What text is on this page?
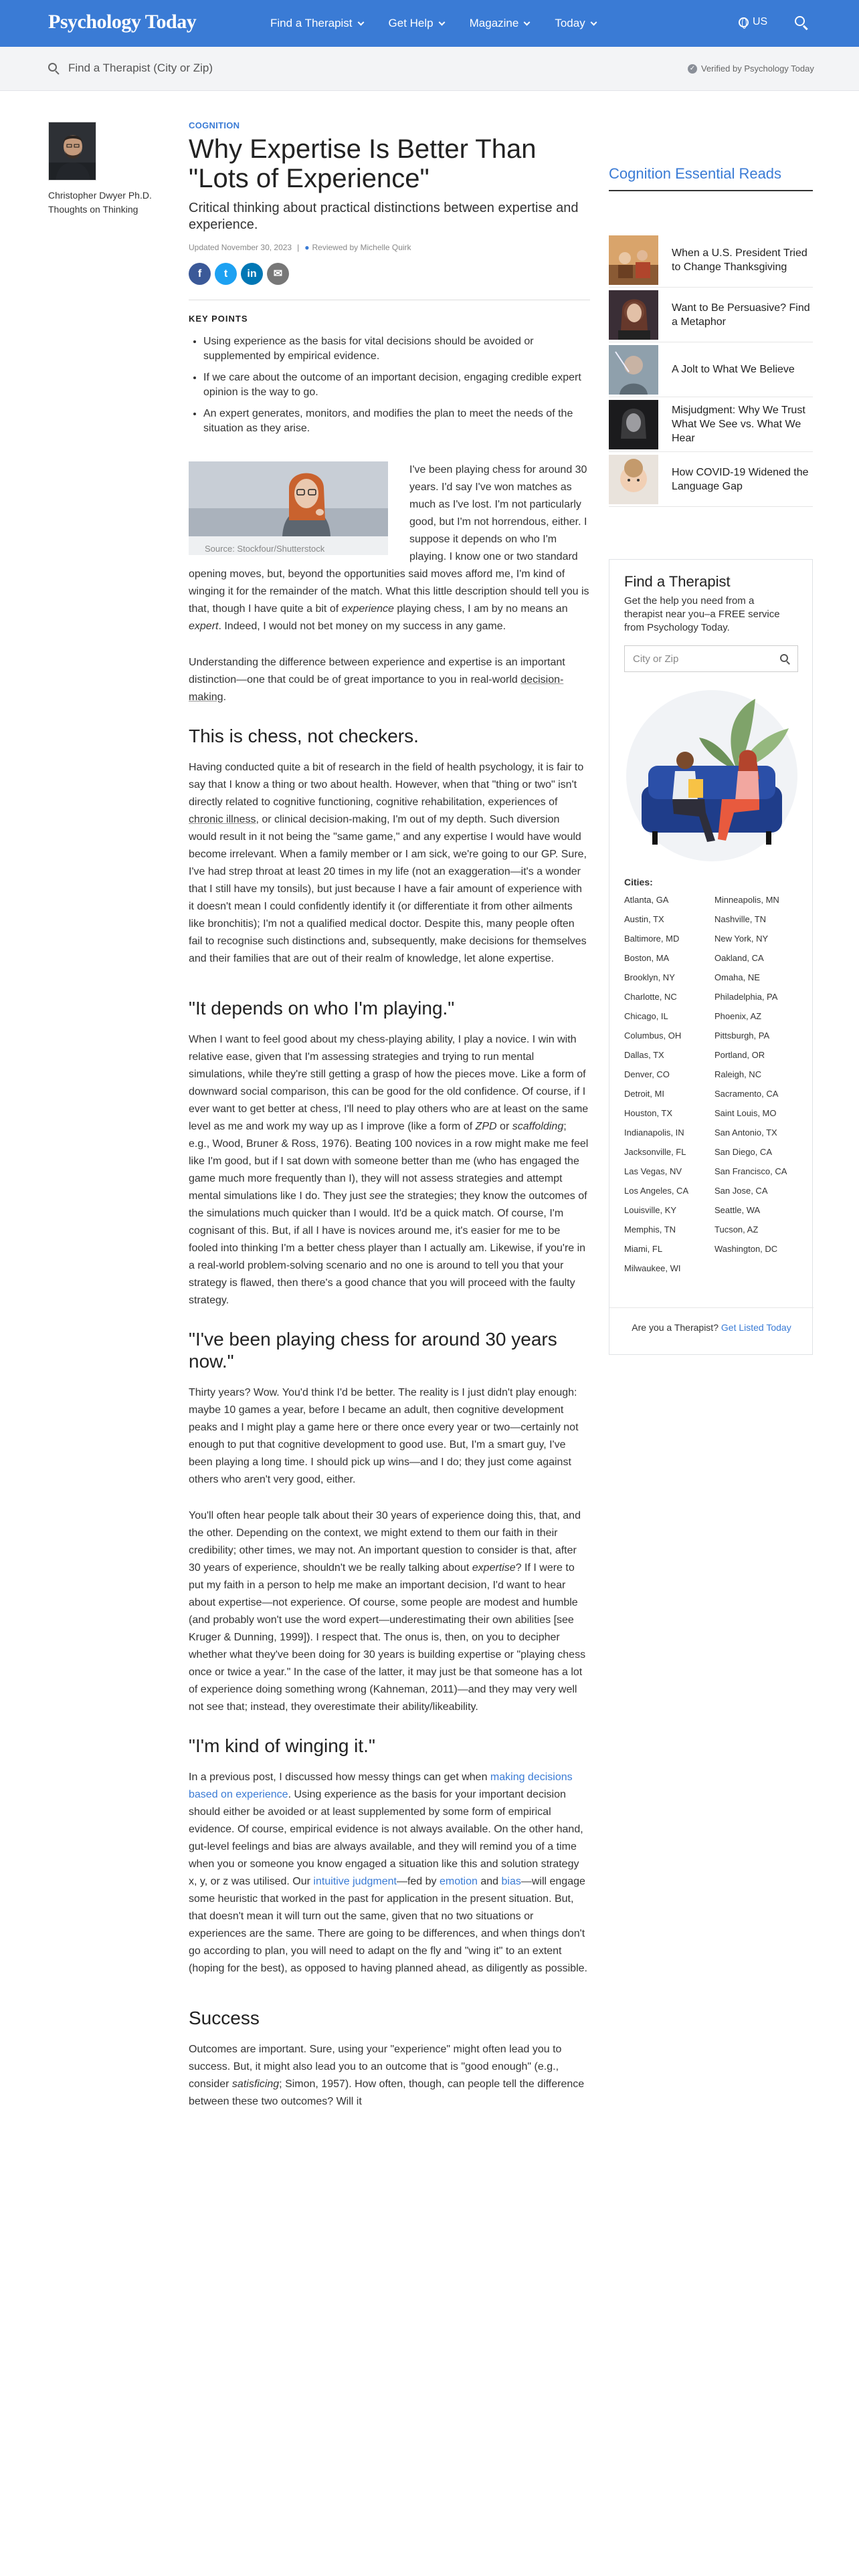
Psychology Today	Find a Therapist	Get Help	Magazine	Today	US
Find a Therapist (City or Zip)	✓ Verified by Psychology Today
Christopher Dwyer Ph.D.
Thoughts on Thinking
COGNITION
Why Expertise Is Better Than "Lots of Experience"
Critical thinking about practical distinctions between expertise and experience.
Updated November 30, 2023 | ● Reviewed by Michelle Quirk
f	t	in	✉
KEY POINTS
• Using experience as the basis for vital decisions should be avoided or supplemented by empirical evidence.
• If we care about the outcome of an important decision, engaging credible expert opinion is the way to go.
• An expert generates, monitors, and modifies the plan to meet the needs of the situation as they arise.
Source: Stockfour/Shutterstock

I've been playing chess for around 30 years. I'd say I've won matches as much as I've lost. I'm not particularly good, but I'm not horrendous, either. I suppose it depends on who I'm playing. I know one or two standard opening moves, but, beyond the opportunities said moves afford me, I'm kind of winging it for the remainder of the match. What this little description should tell you is that, though I have quite a bit of experience playing chess, I am by no means an expert. Indeed, I would not bet money on my success in any game.

Understanding the difference between experience and expertise is an important distinction—one that could be of great importance to you in real-world decision-making.

This is chess, not checkers.

Having conducted quite a bit of research in the field of health psychology, it is fair to say that I know a thing or two about health. However, when that "thing or two" isn't directly related to cognitive functioning, cognitive rehabilitation, experiences of chronic illness, or clinical decision-making, I'm out of my depth. Such diversion would result in it not being the "same game," and any expertise I would have would become irrelevant. When a family member or I am sick, we're going to our GP. Sure, I've had strep throat at least 20 times in my life (not an exaggeration—it's a wonder that I still have my tonsils), but just because I have a fair amount of experience with it doesn't mean I could confidently identify it (or differentiate it from other ailments like bronchitis); I'm not a qualified medical doctor. Despite this, many people often fail to recognise such distinctions and, subsequently, make decisions for themselves and their families that are out of their realm of knowledge, let alone expertise.

"It depends on who I'm playing."

When I want to feel good about my chess-playing ability, I play a novice. I win with relative ease, given that I'm assessing strategies and trying to run mental simulations, while they're still getting a grasp of how the pieces move. Like a form of downward social comparison, this can be good for the old confidence. Of course, if I ever want to get better at chess, I'll need to play others who are at least on the same level as me and work my way up as I improve (like a form of ZPD or scaffolding; e.g., Wood, Bruner & Ross, 1976). Beating 100 novices in a row might make me feel like I'm good, but if I sat down with someone better than me (who has engaged the game much more frequently than I), they will not assess strategies and attempt mental simulations like I do. They just see the strategies; they know the outcomes of the simulations much quicker than I would. It'd be a quick match. Of course, I'm cognisant of this. But, if all I have is novices around me, it's easier for me to be fooled into thinking I'm a better chess player than I actually am. Likewise, if you're in a real-world problem-solving scenario and no one is around to tell you that your strategy is flawed, then there's a good chance that you will proceed with the faulty strategy.

"I've been playing chess for around 30 years now."

Thirty years? Wow. You'd think I'd be better. The reality is I just didn't play enough: maybe 10 games a year, before I became an adult, then cognitive development peaks and I might play a game here or there once every year or two—certainly not enough to put that cognitive development to good use. But, I'm a smart guy, I've been playing a long time. I should pick up wins—and I do; they just come against others who aren't very good, either.

You'll often hear people talk about their 30 years of experience doing this, that, and the other. Depending on the context, we might extend to them our faith in their credibility; other times, we may not. An important question to consider is that, after 30 years of experience, shouldn't we be really talking about expertise? If I were to put my faith in a person to help me make an important decision, I'd want to hear about expertise—not experience. Of course, some people are modest and humble (and probably won't use the word expert—underestimating their own abilities [see Kruger & Dunning, 1999]). I respect that. The onus is, then, on you to decipher whether what they've been doing for 30 years is building expertise or "playing chess once or twice a year." In the case of the latter, it may just be that someone has a lot of experience doing something wrong (Kahneman, 2011)—and they may very well not see that; instead, they overestimate their ability/likeability.

"I'm kind of winging it."

In a previous post, I discussed how messy things can get when making decisions based on experience. Using experience as the basis for your important decision should either be avoided or at least supplemented by some form of empirical evidence. Of course, empirical evidence is not always available. On the other hand, gut-level feelings and bias are always available, and they will remind you of a time when you or someone you know engaged a situation like this and solution strategy x, y, or z was utilised. Our intuitive judgment—fed by emotion and bias—will engage some heuristic that worked in the past for application in the present situation. But, that doesn't mean it will turn out the same, given that no two situations or experiences are the same. There are going to be differences, and when things don't go according to plan, you will need to adapt on the fly and "wing it" to an extent (hoping for the best), as opposed to having planned ahead, as diligently as possible.

Success

Outcomes are important. Sure, using your "experience" might often lead you to success. But, it might also lead you to an outcome that is "good enough" (e.g., consider satisficing; Simon, 1957). How often, though, can people tell the difference between these two outcomes? Will it

Cognition Essential Reads
When a U.S. President Tried to Change Thanksgiving
Want to Be Persuasive? Find a Metaphor
A Jolt to What We Believe
Misjudgment: Why We Trust What We See vs. What We Hear
How COVID-19 Widened the Language Gap
Find a Therapist
Get the help you need from a therapist near you–a FREE service from Psychology Today.
City or Zip
Cities:
Atlanta, GA	Minneapolis, MN
Austin, TX	Nashville, TN
Baltimore, MD	New York, NY
Boston, MA	Oakland, CA
Brooklyn, NY	Omaha, NE
Charlotte, NC	Philadelphia, PA
Chicago, IL	Phoenix, AZ
Columbus, OH	Pittsburgh, PA
Dallas, TX	Portland, OR
Denver, CO	Raleigh, NC
Detroit, MI	Sacramento, CA
Houston, TX	Saint Louis, MO
Indianapolis, IN	San Antonio, TX
Jacksonville, FL	San Diego, CA
Las Vegas, NV	San Francisco, CA
Los Angeles, CA	San Jose, CA
Louisville, KY	Seattle, WA
Memphis, TN	Tucson, AZ
Miami, FL	Washington, DC
Milwaukee, WI
Are you a Therapist? Get Listed Today
